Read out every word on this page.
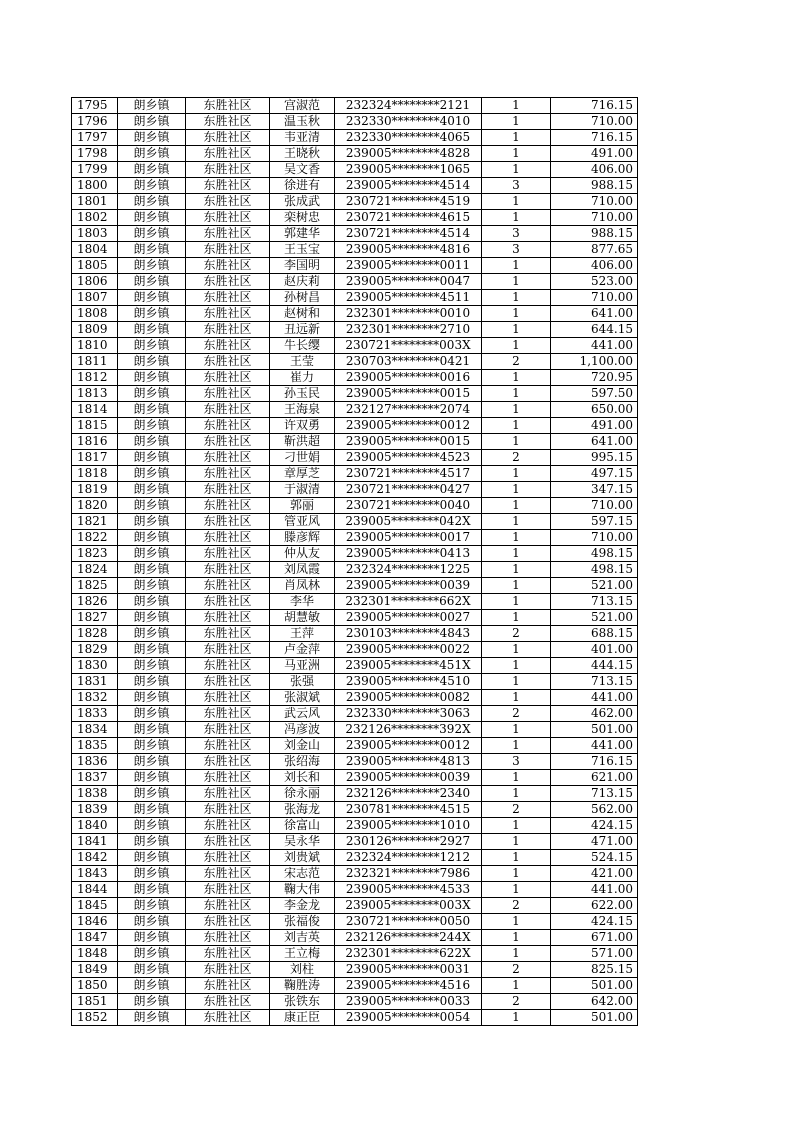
1795	朗乡镇	东胜社区	宫淑范	232324********2121	1	716.15
1796	朗乡镇	东胜社区	温玉秋	232330********4010	1	710.00
1797	朗乡镇	东胜社区	韦亚清	232330********4065	1	716.15
1798	朗乡镇	东胜社区	王晓秋	239005********4828	1	491.00
1799	朗乡镇	东胜社区	吴文香	239005********1065	1	406.00
1800	朗乡镇	东胜社区	徐进有	239005********4514	3	988.15
1801	朗乡镇	东胜社区	张成武	230721********4519	1	710.00
1802	朗乡镇	东胜社区	栾树忠	230721********4615	1	710.00
1803	朗乡镇	东胜社区	郭建华	230721********4514	3	988.15
1804	朗乡镇	东胜社区	王玉宝	239005********4816	3	877.65
1805	朗乡镇	东胜社区	李国明	239005********0011	1	406.00
1806	朗乡镇	东胜社区	赵庆莉	239005********0047	1	523.00
1807	朗乡镇	东胜社区	孙树昌	239005********4511	1	710.00
1808	朗乡镇	东胜社区	赵树和	232301********0010	1	641.00
1809	朗乡镇	东胜社区	丑远新	232301********2710	1	644.15
1810	朗乡镇	东胜社区	牛长缨	230721********003X	1	441.00
1811	朗乡镇	东胜社区	王莹	230703********0421	2	1,100.00
1812	朗乡镇	东胜社区	崔力	239005********0016	1	720.95
1813	朗乡镇	东胜社区	孙玉民	239005********0015	1	597.50
1814	朗乡镇	东胜社区	王海泉	232127********2074	1	650.00
1815	朗乡镇	东胜社区	许双勇	239005********0012	1	491.00
1816	朗乡镇	东胜社区	靳洪超	239005********0015	1	641.00
1817	朗乡镇	东胜社区	刁世娟	239005********4523	2	995.15
1818	朗乡镇	东胜社区	章厚芝	230721********4517	1	497.15
1819	朗乡镇	东胜社区	于淑清	230721********0427	1	347.15
1820	朗乡镇	东胜社区	郭丽	230721********0040	1	710.00
1821	朗乡镇	东胜社区	管亚风	239005********042X	1	597.15
1822	朗乡镇	东胜社区	滕彦辉	239005********0017	1	710.00
1823	朗乡镇	东胜社区	仲从友	239005********0413	1	498.15
1824	朗乡镇	东胜社区	刘凤霞	232324********1225	1	498.15
1825	朗乡镇	东胜社区	肖凤林	239005********0039	1	521.00
1826	朗乡镇	东胜社区	李华	232301********662X	1	713.15
1827	朗乡镇	东胜社区	胡慧敏	239005********0027	1	521.00
1828	朗乡镇	东胜社区	王萍	230103********4843	2	688.15
1829	朗乡镇	东胜社区	卢金萍	239005********0022	1	401.00
1830	朗乡镇	东胜社区	马亚洲	239005********451X	1	444.15
1831	朗乡镇	东胜社区	张强	239005********4510	1	713.15
1832	朗乡镇	东胜社区	张淑斌	239005********0082	1	441.00
1833	朗乡镇	东胜社区	武云风	232330********3063	2	462.00
1834	朗乡镇	东胜社区	冯彦波	232126********392X	1	501.00
1835	朗乡镇	东胜社区	刘金山	239005********0012	1	441.00
1836	朗乡镇	东胜社区	张绍海	239005********4813	3	716.15
1837	朗乡镇	东胜社区	刘长和	239005********0039	1	621.00
1838	朗乡镇	东胜社区	徐永丽	232126********2340	1	713.15
1839	朗乡镇	东胜社区	张海龙	230781********4515	2	562.00
1840	朗乡镇	东胜社区	徐富山	239005********1010	1	424.15
1841	朗乡镇	东胜社区	吴永华	230126********2927	1	471.00
1842	朗乡镇	东胜社区	刘贵斌	232324********1212	1	524.15
1843	朗乡镇	东胜社区	宋志范	232321********7986	1	421.00
1844	朗乡镇	东胜社区	鞠大伟	239005********4533	1	441.00
1845	朗乡镇	东胜社区	李金龙	239005********003X	2	622.00
1846	朗乡镇	东胜社区	张福俊	230721********0050	1	424.15
1847	朗乡镇	东胜社区	刘吉英	232126********244X	1	671.00
1848	朗乡镇	东胜社区	王立梅	232301********622X	1	571.00
1849	朗乡镇	东胜社区	刘柱	239005********0031	2	825.15
1850	朗乡镇	东胜社区	鞠胜涛	239005********4516	1	501.00
1851	朗乡镇	东胜社区	张铁东	239005********0033	2	642.00
1852	朗乡镇	东胜社区	康正臣	239005********0054	1	501.00
